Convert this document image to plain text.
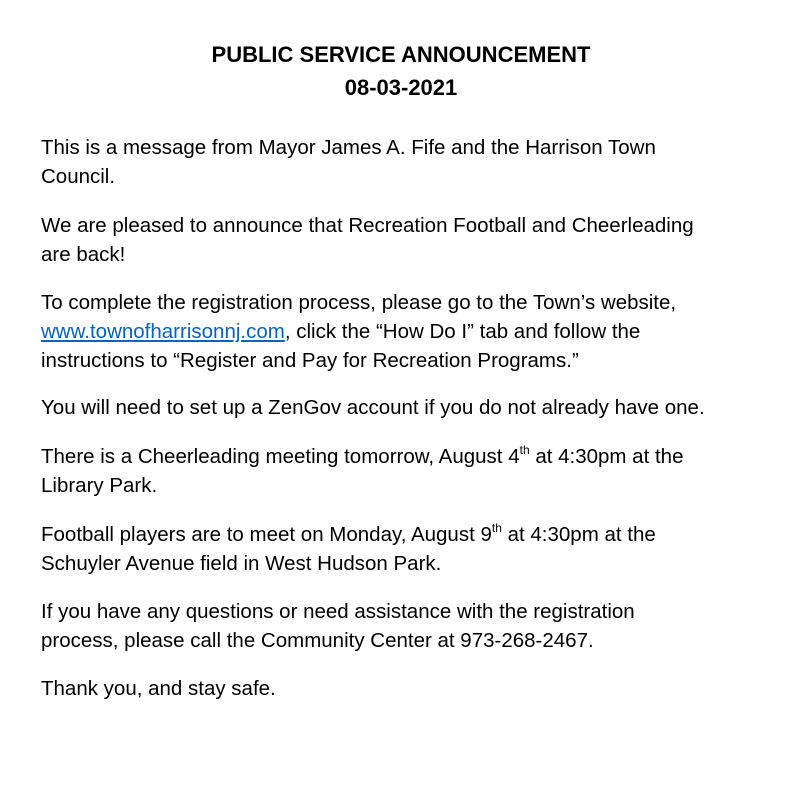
PUBLIC SERVICE ANNOUNCEMENT
08-03-2021
This is a message from Mayor James A. Fife and the Harrison Town
Council.
We are pleased to announce that Recreation Football and Cheerleading
are back!
To complete the registration process, please go to the Town’s website,
www.townofharrisonnj.com, click the “How Do I” tab and follow the
instructions to “Register and Pay for Recreation Programs.”
You will need to set up a ZenGov account if you do not already have one.
There is a Cheerleading meeting tomorrow, August 4th at 4:30pm at the
Library Park.
Football players are to meet on Monday, August 9th at 4:30pm at the
Schuyler Avenue field in West Hudson Park.
If you have any questions or need assistance with the registration
process, please call the Community Center at 973-268-2467.
Thank you, and stay safe.
